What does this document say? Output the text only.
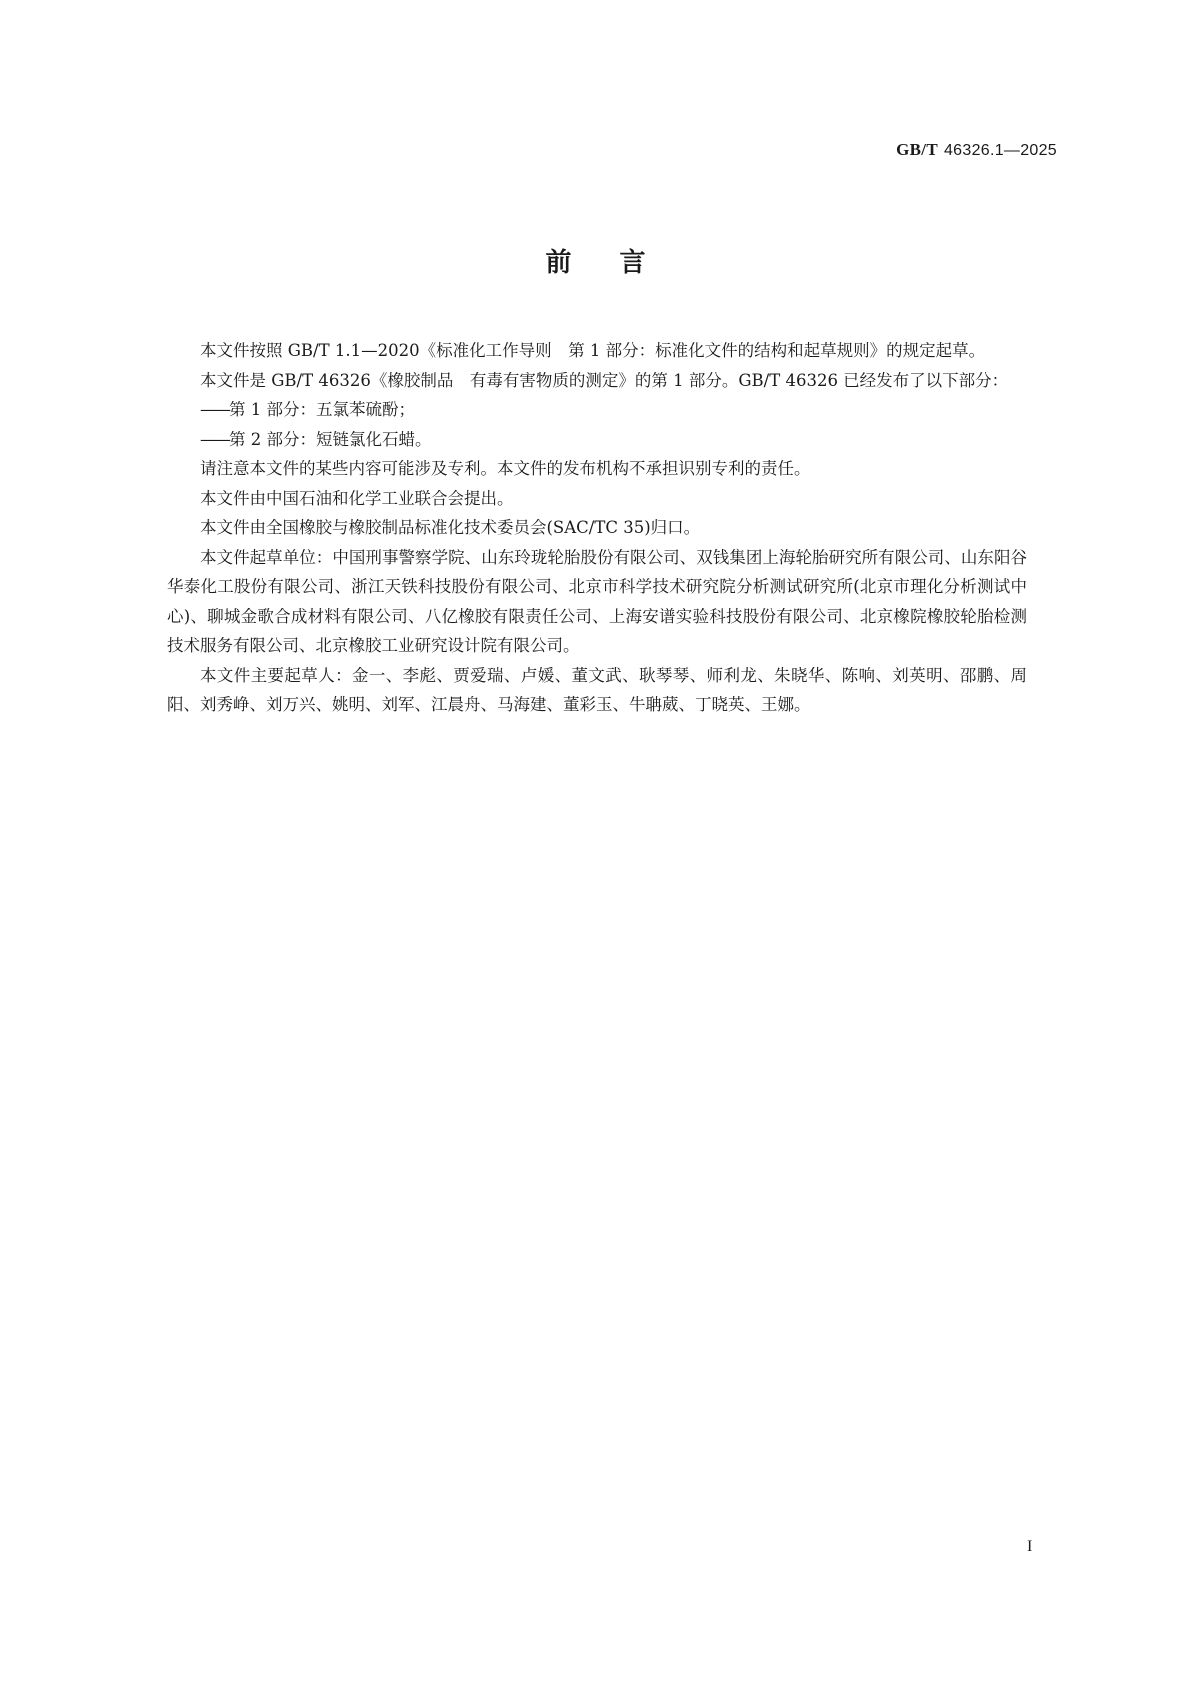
GB/T 46326.1—2025
前言

本文件按照 GB/T 1.1—2020《标准化工作导则　第 1 部分：标准化文件的结构和起草规则》的规定起草。

本文件是 GB/T 46326《橡胶制品　有毒有害物质的测定》的第 1 部分。GB/T 46326 已经发布了以下部分：

——第 1 部分：五氯苯硫酚；

——第 2 部分：短链氯化石蜡。

请注意本文件的某些内容可能涉及专利。本文件的发布机构不承担识别专利的责任。

本文件由中国石油和化学工业联合会提出。

本文件由全国橡胶与橡胶制品标准化技术委员会(SAC/TC 35)归口。

本文件起草单位：中国刑事警察学院、山东玲珑轮胎股份有限公司、双钱集团上海轮胎研究所有限公司、山东阳谷华泰化工股份有限公司、浙江天铁科技股份有限公司、北京市科学技术研究院分析测试研究所(北京市理化分析测试中心)、聊城金歌合成材料有限公司、八亿橡胶有限责任公司、上海安谱实验科技股份有限公司、北京橡院橡胶轮胎检测技术服务有限公司、北京橡胶工业研究设计院有限公司。

本文件主要起草人：金一、李彪、贾爱瑞、卢媛、董文武、耿琴琴、师利龙、朱晓华、陈响、刘英明、邵鹏、周阳、刘秀峥、刘万兴、姚明、刘军、江晨舟、马海建、董彩玉、牛聃葳、丁晓英、王娜。

I
